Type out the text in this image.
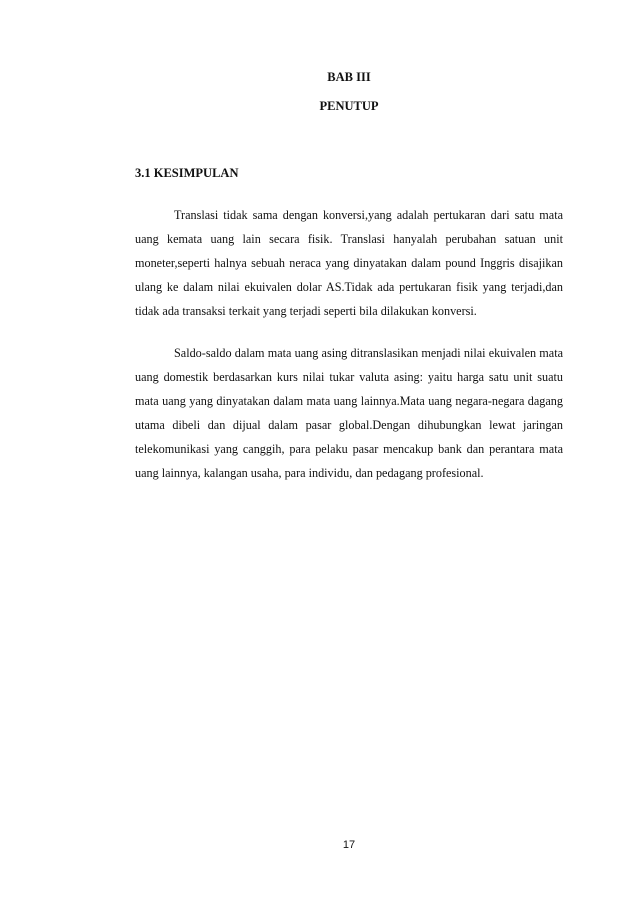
BAB III
PENUTUP
3.1 KESIMPULAN

Translasi tidak sama dengan konversi,yang adalah pertukaran dari satu mata uang kemata uang lain secara fisik. Translasi hanyalah perubahan satuan unit moneter,seperti halnya sebuah neraca yang dinyatakan dalam pound Inggris disajikan ulang ke dalam nilai ekuivalen dolar AS.Tidak ada pertukaran fisik yang terjadi,dan tidak ada transaksi terkait yang terjadi seperti bila dilakukan konversi.

Saldo-saldo dalam mata uang asing ditranslasikan menjadi nilai ekuivalen mata uang domestik berdasarkan kurs nilai tukar valuta asing: yaitu harga satu unit suatu mata uang yang dinyatakan dalam mata uang lainnya.Mata uang negara-negara dagang utama dibeli dan dijual dalam pasar global.Dengan dihubungkan lewat jaringan telekomunikasi yang canggih, para pelaku pasar mencakup bank dan perantara mata uang lainnya, kalangan usaha, para individu, dan pedagang profesional.

17
